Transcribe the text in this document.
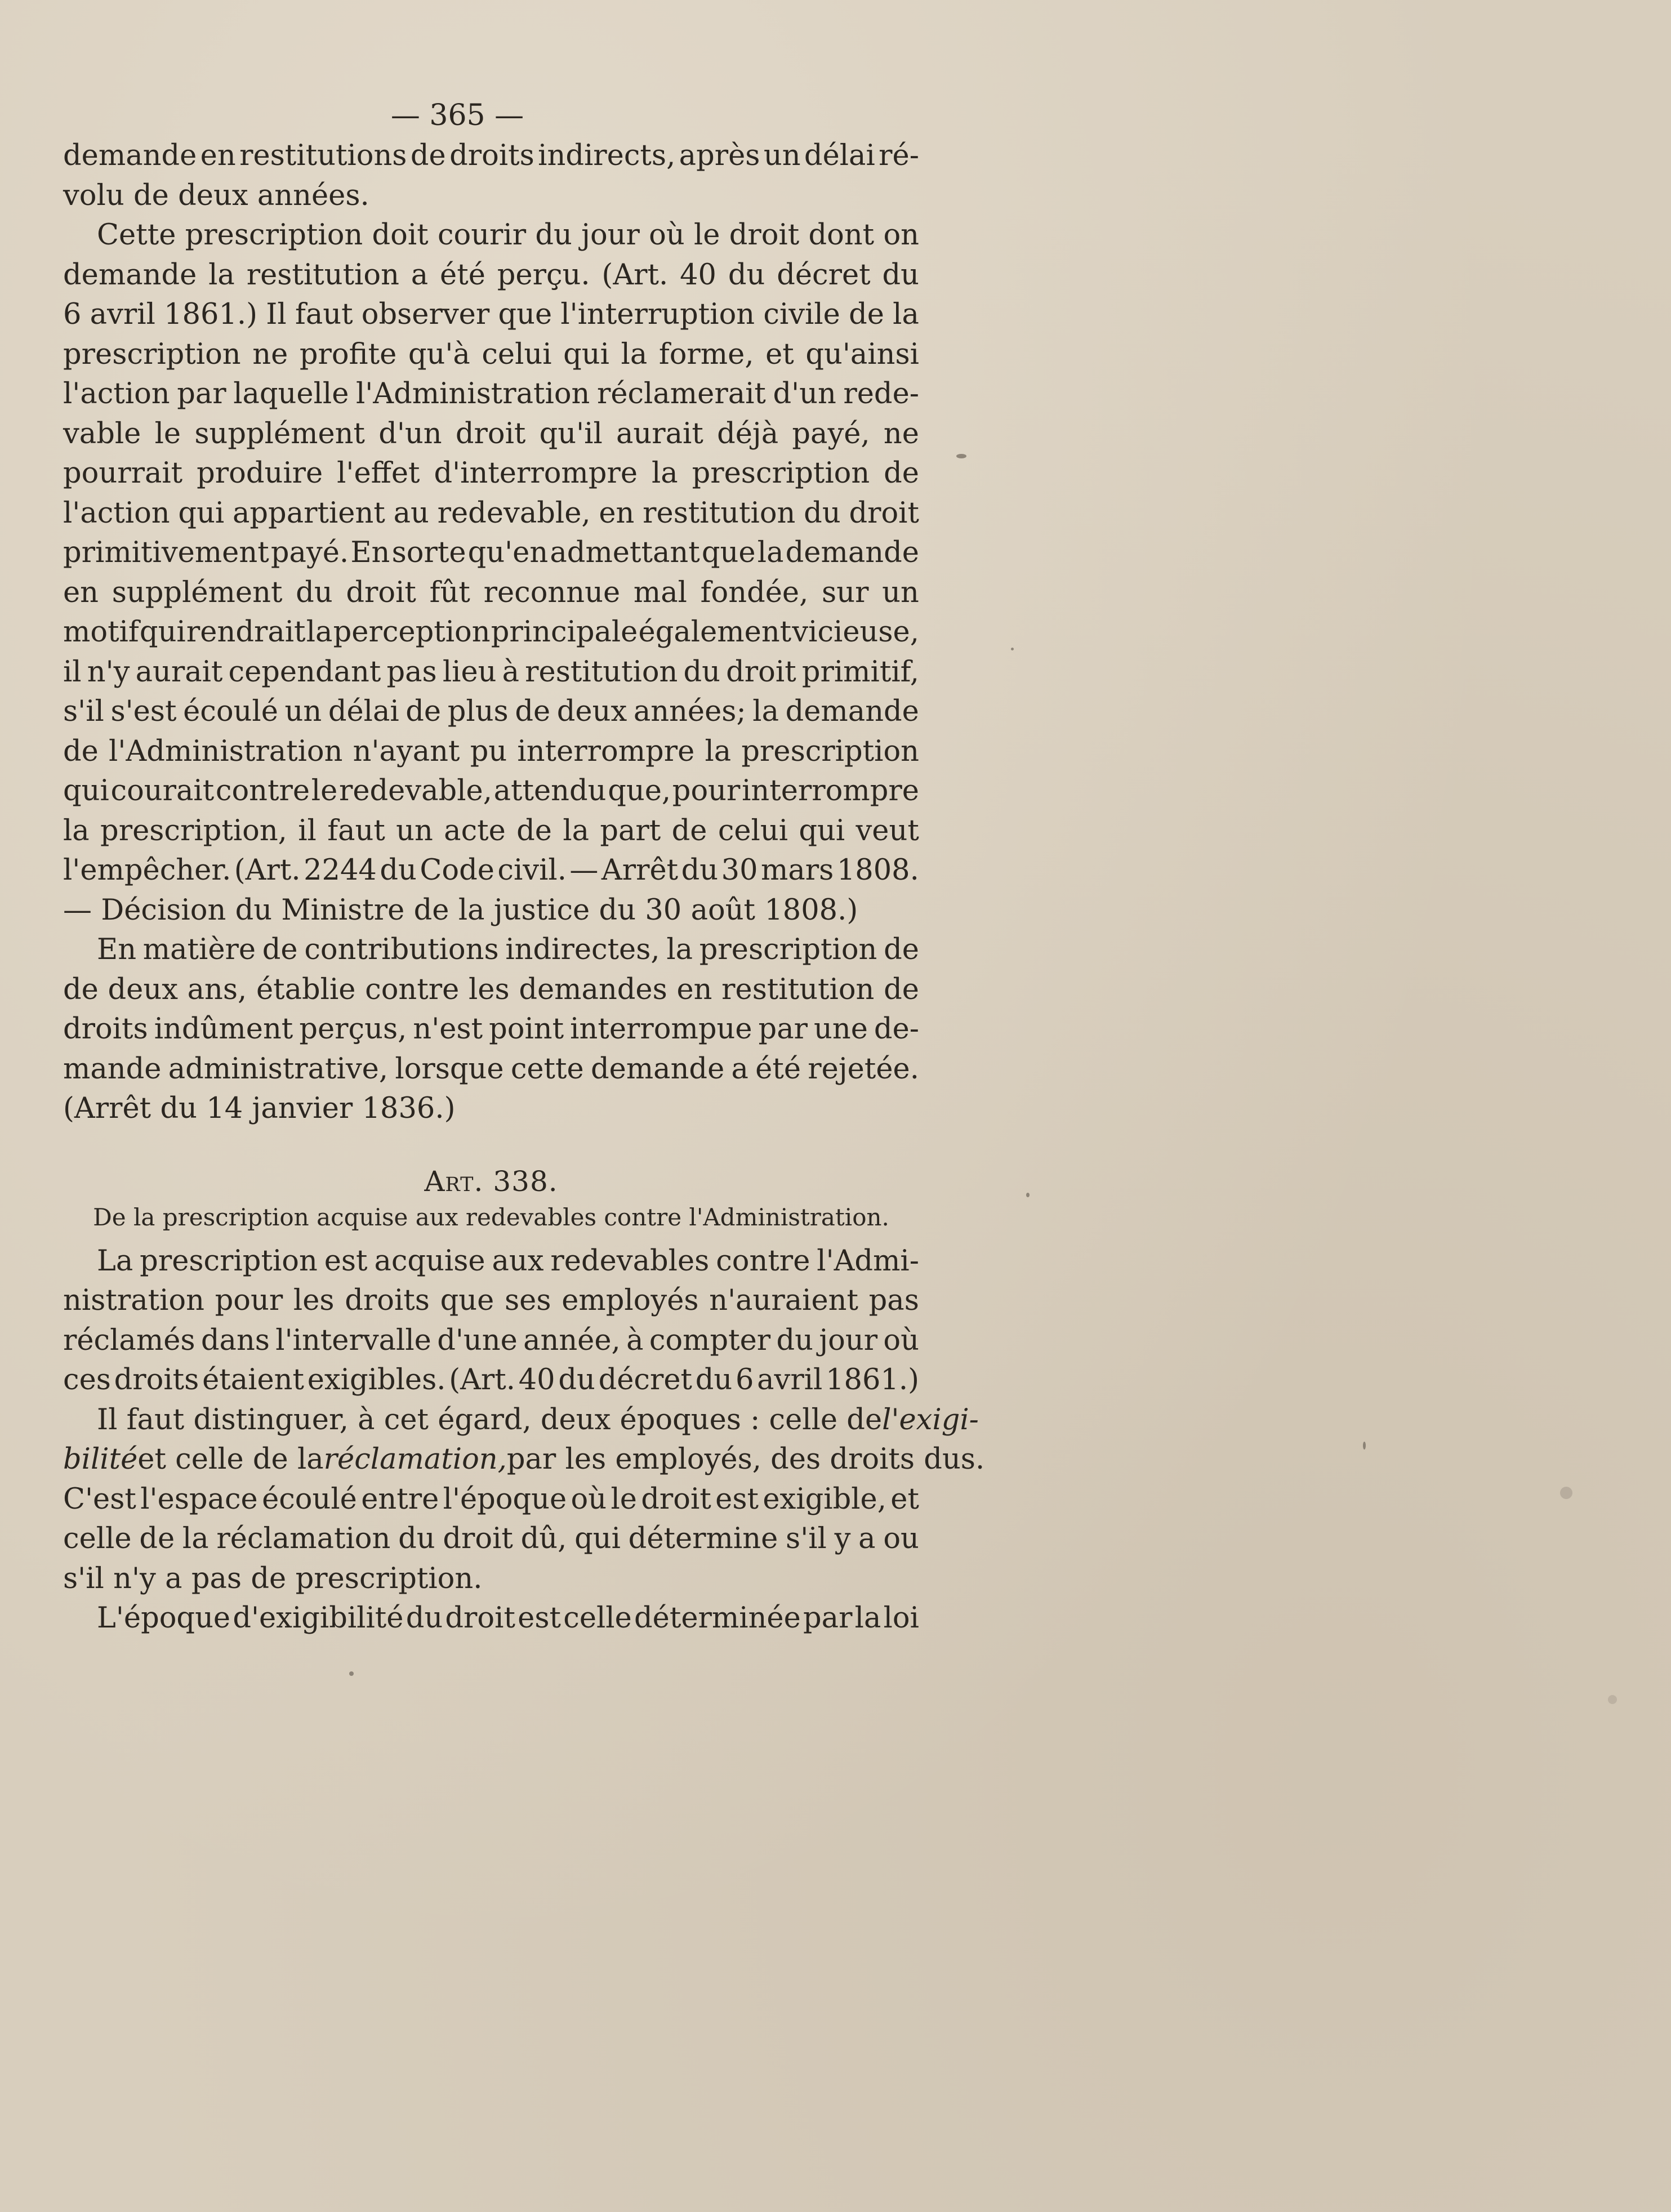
— 365 —
demande en restitutions de droits indirects, après un délai ré-
volu de deux années.
Cette prescription doit courir du jour où le droit dont on
demande la restitution a été perçu. (Art. 40 du décret du
6 avril 1861.) Il faut observer que l'interruption civile de la
prescription ne profite qu'à celui qui la forme, et qu'ainsi
l'action par laquelle l'Administration réclamerait d'un rede-
vable le supplément d'un droit qu'il aurait déjà payé, ne
pourrait produire l'effet d'interrompre la prescription de
l'action qui appartient au redevable, en restitution du droit
primitivement payé. En sorte qu'en admettant que la demande
en supplément du droit fût reconnue mal fondée, sur un
motif qui rendrait la perception principale également vicieuse,
il n'y aurait cependant pas lieu à restitution du droit primitif,
s'il s'est écoulé un délai de plus de deux années; la demande
de l'Administration n'ayant pu interrompre la prescription
qui courait contre le redevable, attendu que, pour interrompre
la prescription, il faut un acte de la part de celui qui veut
l'empêcher. (Art. 2244 du Code civil. — Arrêt du 30 mars 1808.
— Décision du Ministre de la justice du 30 août 1808.)
En matière de contributions indirectes, la prescription de
de deux ans, établie contre les demandes en restitution de
droits indûment perçus, n'est point interrompue par une de-
mande administrative, lorsque cette demande a été rejetée.
(Arrêt du 14 janvier 1836.)
Art. 338.
De la prescription acquise aux redevables contre l'Administration.
La prescription est acquise aux redevables contre l'Admi-
nistration pour les droits que ses employés n'auraient pas
réclamés dans l'intervalle d'une année, à compter du jour où
ces droits étaient exigibles. (Art. 40 du décret du 6 avril 1861.)
Il faut distinguer, à cet égard, deux époques : celle de l'exigi-
bilité et celle de la réclamation, par les employés, des droits dus.
C'est l'espace écoulé entre l'époque où le droit est exigible, et
celle de la réclamation du droit dû, qui détermine s'il y a ou
s'il n'y a pas de prescription.
L'époque d'exigibilité du droit est celle déterminée par la loi
